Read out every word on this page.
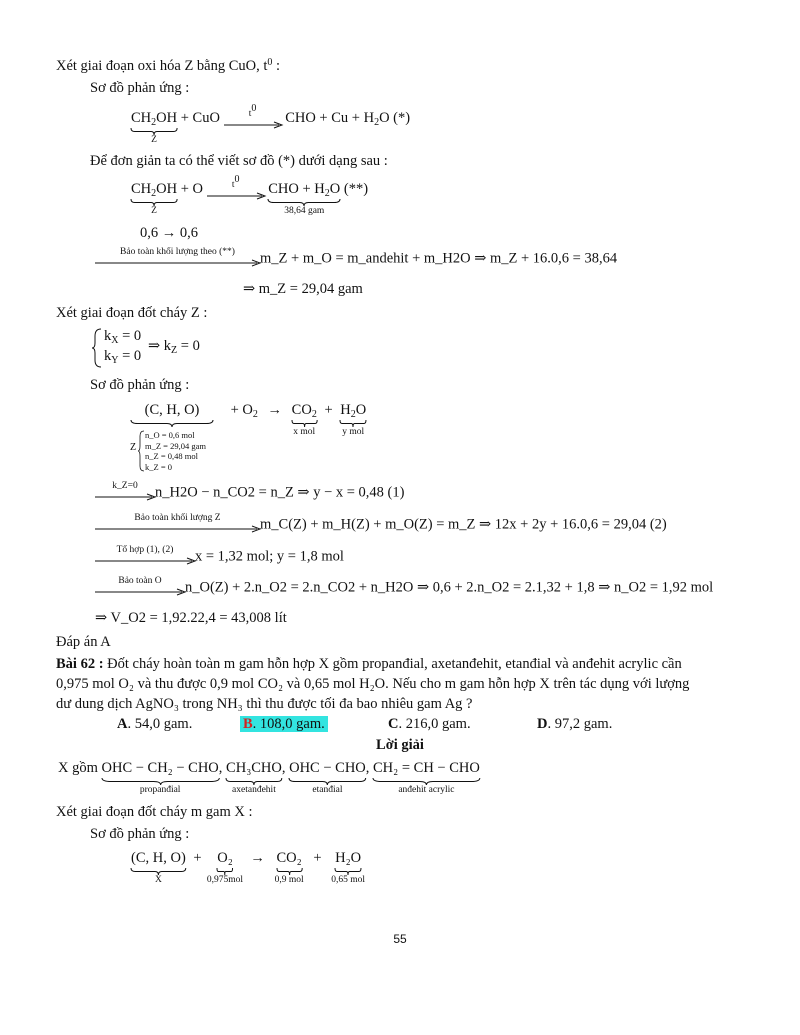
Xét giai đoạn oxi hóa Z bằng CuO, $t^0$ :
Sơ đồ phản ứng :
$CH_2OH$
Z
+ CuO	$t^0$
CHO + $Cu + H_2O$ (*)
Để đơn giản ta có thể viết sơ đồ (*) dưới dạng sau :
$CH_2OH$
Z
+ O	$t^0$
CHO + $H_2O$
38,64 gam
(**)
0,6 → 0,6
Bảo toàn khối lượng theo (**)	m_Z + m_O = m_andehit + m_H2O ⇒ m_Z + 16.0,6 = 38,64
⇒ m_Z = 29,04 gam
Xét giai đoạn đốt cháy Z :
$k_X = 0$
$k_Y = 0$
⇒ $k_Z = 0$
Sơ đồ phản ứng :
(C, H, $O) + O_2 \to CO_2$
x mol
+ $H_2O$
y mol
Z
n_O = 0,6 mol
m_Z = 29,04 gam
n_Z = 0,48 mol
k_Z = 0
k_Z=0	n_H2O − n_CO2 = n_Z ⇒ y − x = 0,48 (1)
Bảo toàn khối lượng Z	m_C(Z) + m_H(Z) + m_O(Z) = m_Z ⇒ 12x + 2y + 16.0,6 = 29,04 (2)
Tổ hợp (1), (2)	x = 1,32 mol; y = 1,8 mol
Bảo toàn O	n_O(Z) + 2.n_O2 = 2.n_CO2 + n_H2O ⇒ 0,6 + 2.n_O2 = 2.1,32 + 1,8 ⇒ n_O2 = 1,92 mol
⇒ V_O2 = 1,92.22,4 = 43,008 lít
Đáp án A
Bài 62 : Đốt cháy hoàn toàn m gam hỗn hợp X gồm propanđial, axetanđehit, etanđial và anđehit acrylic cần
0,975 mol O₂ và thu được 0,9 mol CO₂ và 0,65 mol H₂O. Nếu cho m gam hỗn hợp X trên tác dụng với lượng
dư dung dịch AgNO₃ trong NH₃ thì thu được tối đa bao nhiêu gam Ag ?
A. 54,0 gam.	B. 108,0 gam.	C. 216,0 gam.	D. 97,2 gam.
Lời giải
X gồm OHC − CH₂ − CHO
propanđial
, CH₃CHO
axetanđehit
, OHC − CHO
etanđial
, CH₂ = CH − CHO
anđehit acrylic
Xét giai đoạn đốt cháy m gam X :
Sơ đồ phản ứng :
(C, H, O)
X
+ O₂
0,975mol
→ CO₂
0,9 mol
+ H₂O
0,65 mol
55
